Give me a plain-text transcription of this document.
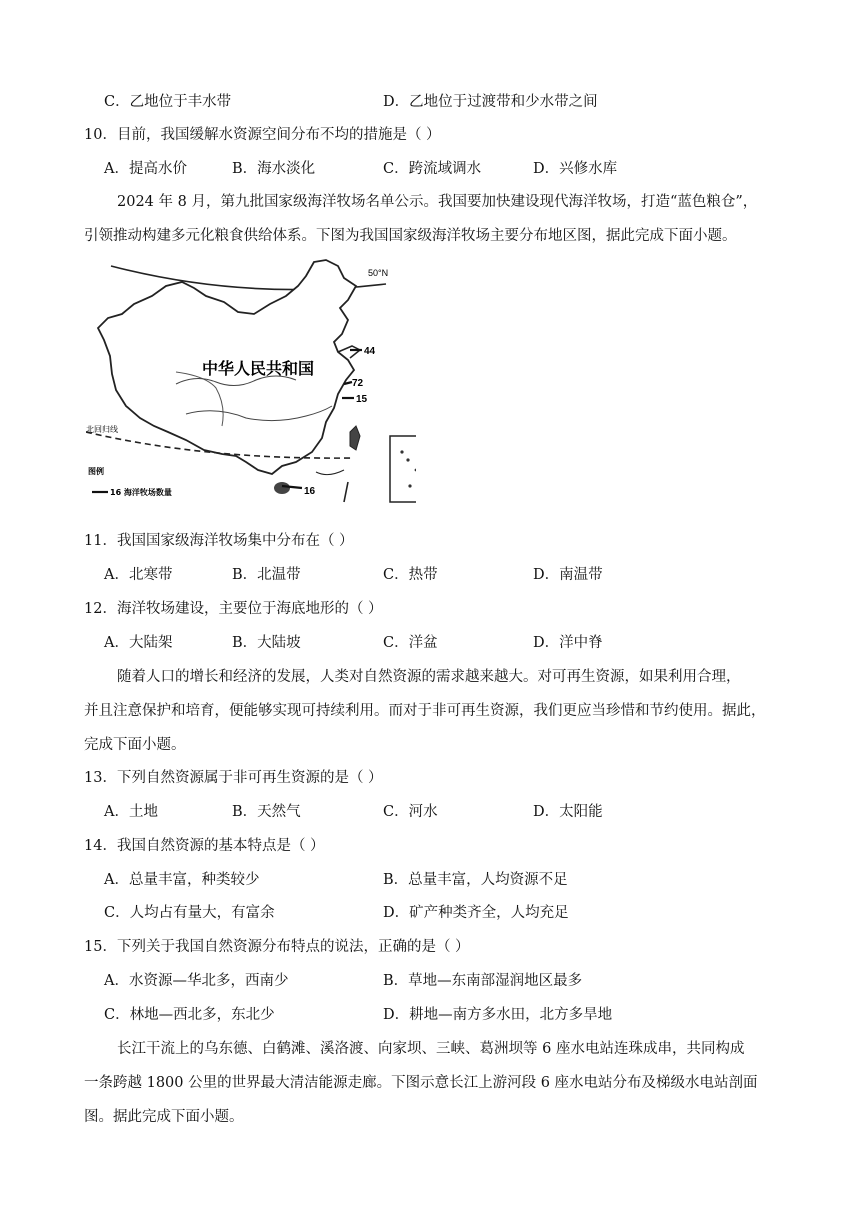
C．乙地位于丰水带	D．乙地位于过渡带和少水带之间
10．目前，我国缓解水资源空间分布不均的措施是（ ）
A．提高水价	B．海水淡化	C．跨流域调水	D．兴修水库
2024 年 8 月，第九批国家级海洋牧场名单公示。我国要加快建设现代海洋牧场，打造“蓝色粮仓”，
引领推动构建多元化粮食供给体系。下图为我国国家级海洋牧场主要分布地区图，据此完成下面小题。
50°N
中华人民共和国
44
72
15
16
北回归线
图例
16 海洋牧场数量
11．我国国家级海洋牧场集中分布在（ ）
A．北寒带	B．北温带	C．热带	D．南温带
12．海洋牧场建设，主要位于海底地形的（ ）
A．大陆架	B．大陆坡	C．洋盆	D．洋中脊
随着人口的增长和经济的发展，人类对自然资源的需求越来越大。对可再生资源，如果利用合理，
并且注意保护和培育，便能够实现可持续利用。而对于非可再生资源，我们更应当珍惜和节约使用。据此，
完成下面小题。
13．下列自然资源属于非可再生资源的是（ ）
A．土地	B．天然气	C．河水	D．太阳能
14．我国自然资源的基本特点是（ ）
A．总量丰富，种类较少	B．总量丰富，人均资源不足
C．人均占有量大，有富余	D．矿产种类齐全，人均充足
15．下列关于我国自然资源分布特点的说法，正确的是（ ）
A．水资源—华北多，西南少	B．草地—东南部湿润地区最多
C．林地—西北多，东北少	D．耕地—南方多水田，北方多旱地
长江干流上的乌东德、白鹤滩、溪洛渡、向家坝、三峡、葛洲坝等 6 座水电站连珠成串，共同构成
一条跨越 1800 公里的世界最大清洁能源走廊。下图示意长江上游河段 6 座水电站分布及梯级水电站剖面
图。据此完成下面小题。
